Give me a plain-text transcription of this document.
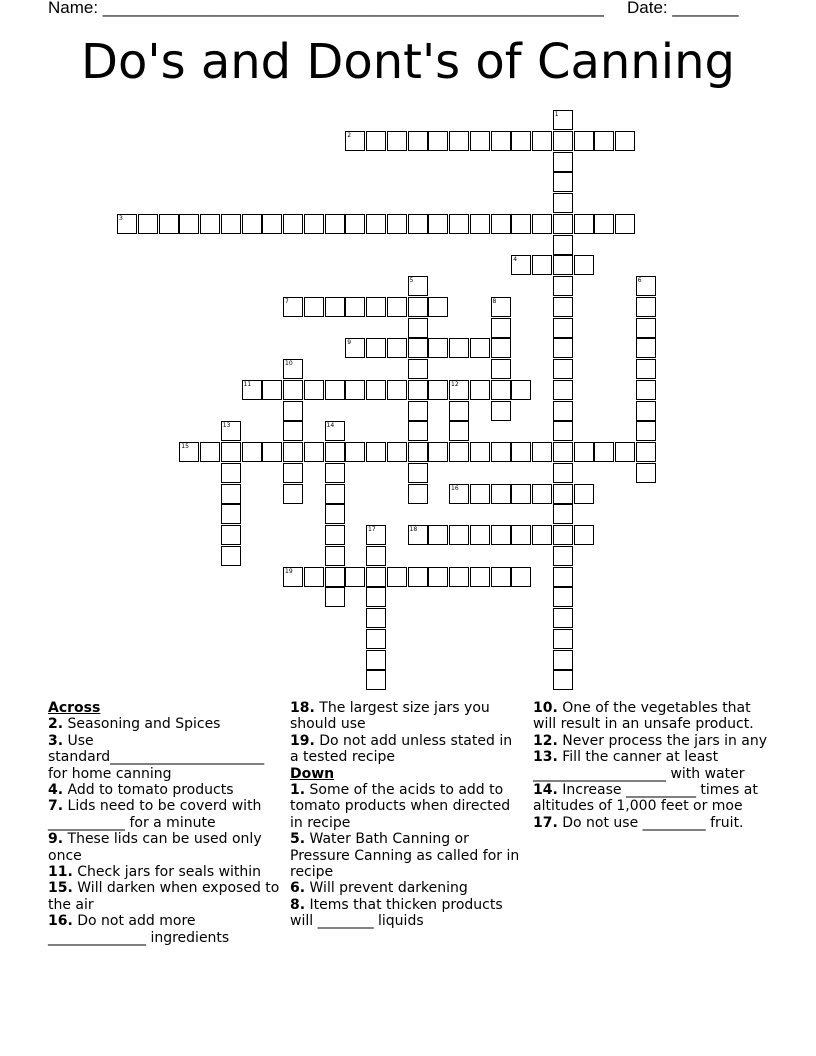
Name: _____________________________________________________ Date: _______
Do's and Dont's of Canning
2
3
4
7
9
11	12
15
16
18
19
1
5	6
8
10
13	14
17

Across

2. Seasoning and Spices

3. Use standard______________________ for home canning

4. Add to tomato products

7. Lids need to be coverd with ___________ for a minute

9. These lids can be used only once

11. Check jars for seals within

15. Will darken when exposed to the air

16. Do not add more ______________ ingredients

18. The largest size jars you should use

19. Do not add unless stated in a tested recipe

Down

1. Some of the acids to add to tomato products when directed in recipe

5. Water Bath Canning or Pressure Canning as called for in recipe

6. Will prevent darkening

8. Items that thicken products will ________ liquids

10. One of the vegetables that will result in an unsafe product.

12. Never process the jars in any

13. Fill the canner at least ___________________ with water

14. Increase __________ times at altitudes of 1,000 feet or moe

17. Do not use _________ fruit.
